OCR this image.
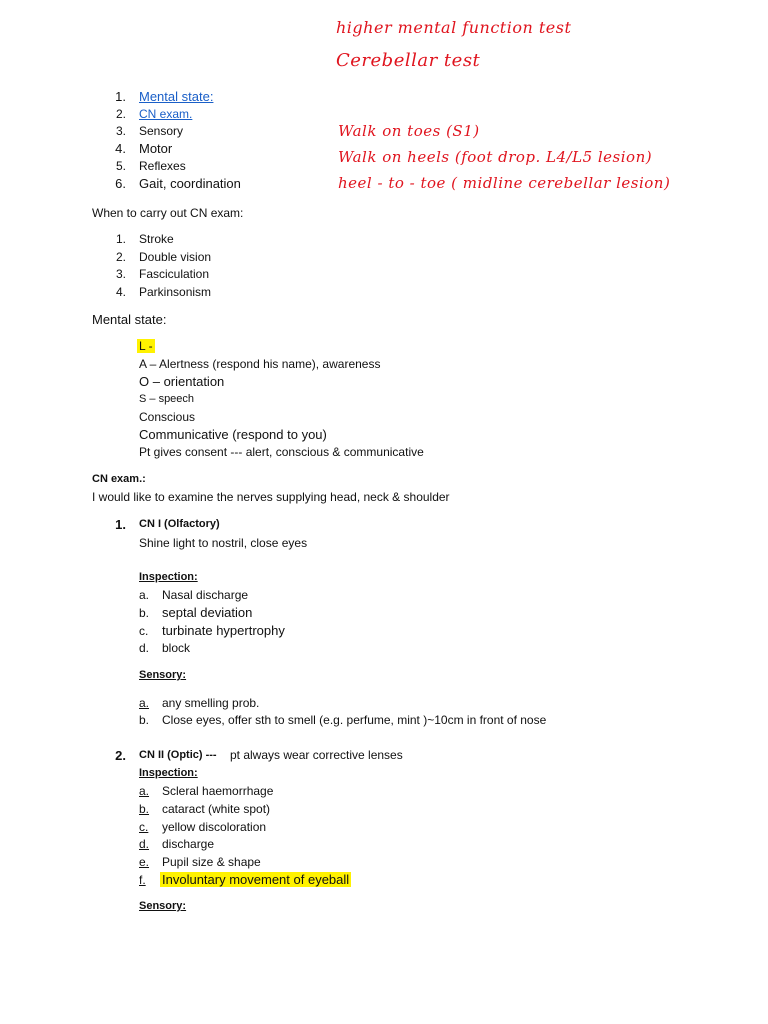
higher mental function test
Cerebellar test
Walk on toes (S1)
Walk on heels (foot drop. L4/L5 lesion)
heel - to - toe ( midline cerebellar lesion)
1. Mental state:
2. CN exam.
3. Sensory
4. Motor
5. Reflexes
6. Gait, coordination
When to carry out CN exam:
1. Stroke
2. Double vision
3. Fasciculation
4. Parkinsonism
Mental state:
L -
A – Alertness (respond his name), awareness
O – orientation
S – speech
Conscious
Communicative (respond to you)
Pt gives consent --- alert, conscious & communicative
CN exam.:
I would like to examine the nerves supplying head, neck & shoulder
1. CN I (Olfactory)
Shine light to nostril, close eyes
Inspection:
a. Nasal discharge
b. septal deviation
c. turbinate hypertrophy
d. block
Sensory:
a. any smelling prob.
b. Close eyes, offer sth to smell (e.g. perfume, mint )~10cm in front of nose
2. CN II (Optic) --- pt always wear corrective lenses
Inspection:
a. Scleral haemorrhage
b. cataract (white spot)
c. yellow discoloration
d. discharge
e. Pupil size & shape
f. Involuntary movement of eyeball
Sensory:
